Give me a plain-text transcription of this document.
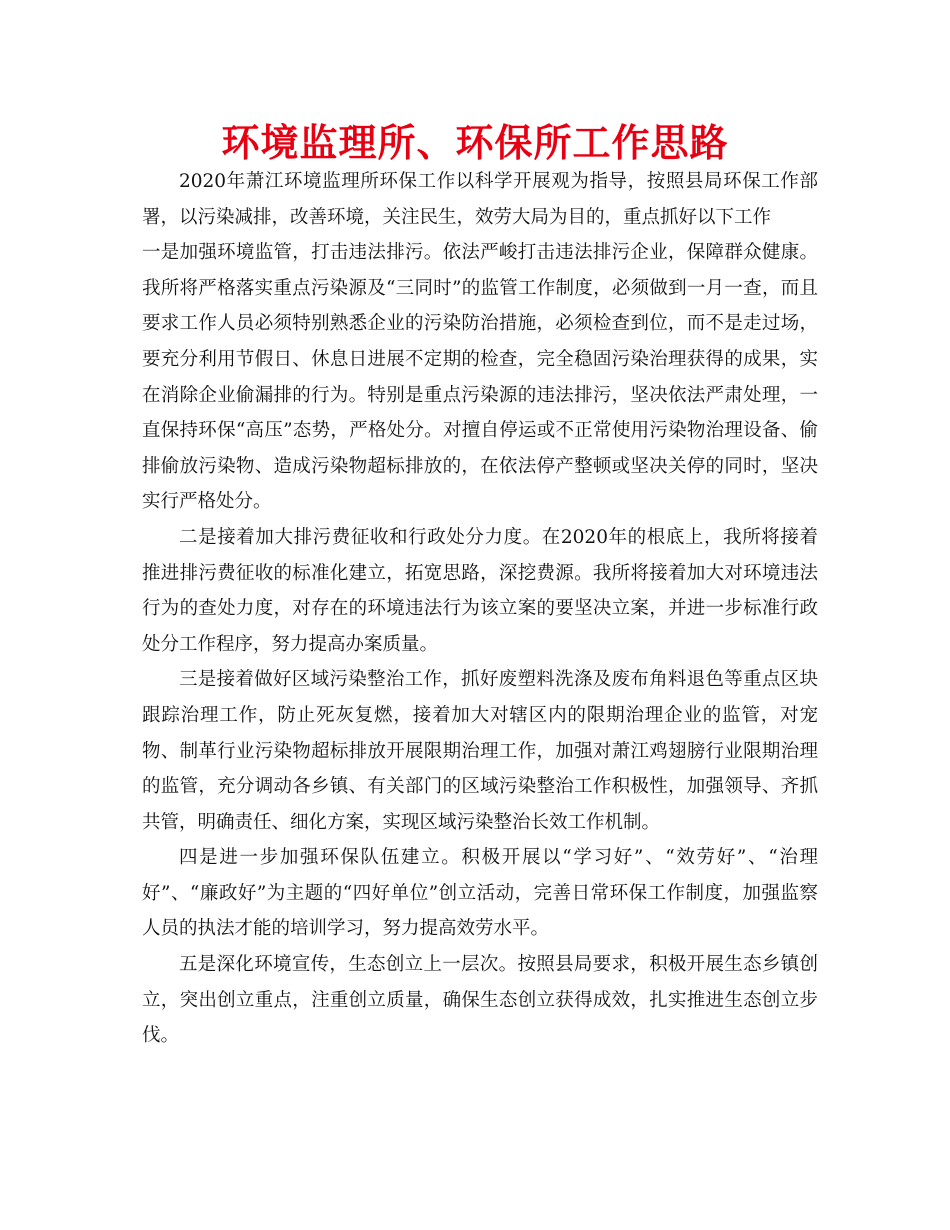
环境监理所、环保所工作思路

2020年萧江环境监理所环保工作以科学开展观为指导，按照县局环保工作部署，以污染减排，改善环境，关注民生，效劳大局为目的，重点抓好以下工作

一是加强环境监管，打击违法排污。依法严峻打击违法排污企业，保障群众健康。我所将严格落实重点污染源及“三同时”的监管工作制度，必须做到一月一查，而且要求工作人员必须特别熟悉企业的污染防治措施，必须检查到位，而不是走过场，要充分利用节假日、休息日进展不定期的检查，完全稳固污染治理获得的成果，实在消除企业偷漏排的行为。特别是重点污染源的违法排污，坚决依法严肃处理，一直保持环保“高压”态势，严格处分。对擅自停运或不正常使用污染物治理设备、偷排偷放污染物、造成污染物超标排放的，在依法停产整顿或坚决关停的同时，坚决实行严格处分。

二是接着加大排污费征收和行政处分力度。在2020年的根底上，我所将接着推进排污费征收的标准化建立，拓宽思路，深挖费源。我所将接着加大对环境违法行为的查处力度，对存在的环境违法行为该立案的要坚决立案，并进一步标准行政处分工作程序，努力提高办案质量。

三是接着做好区域污染整治工作，抓好废塑料洗涤及废布角料退色等重点区块跟踪治理工作，防止死灰复燃，接着加大对辖区内的限期治理企业的监管，对宠物、制革行业污染物超标排放开展限期治理工作，加强对萧江鸡翅膀行业限期治理的监管，充分调动各乡镇、有关部门的区域污染整治工作积极性，加强领导、齐抓共管，明确责任、细化方案，实现区域污染整治长效工作机制。

四是进一步加强环保队伍建立。积极开展以“学习好”、“效劳好”、“治理好”、“廉政好”为主题的“四好单位”创立活动，完善日常环保工作制度，加强监察人员的执法才能的培训学习，努力提高效劳水平。

五是深化环境宣传，生态创立上一层次。按照县局要求，积极开展生态乡镇创立，突出创立重点，注重创立质量，确保生态创立获得成效，扎实推进生态创立步伐。
